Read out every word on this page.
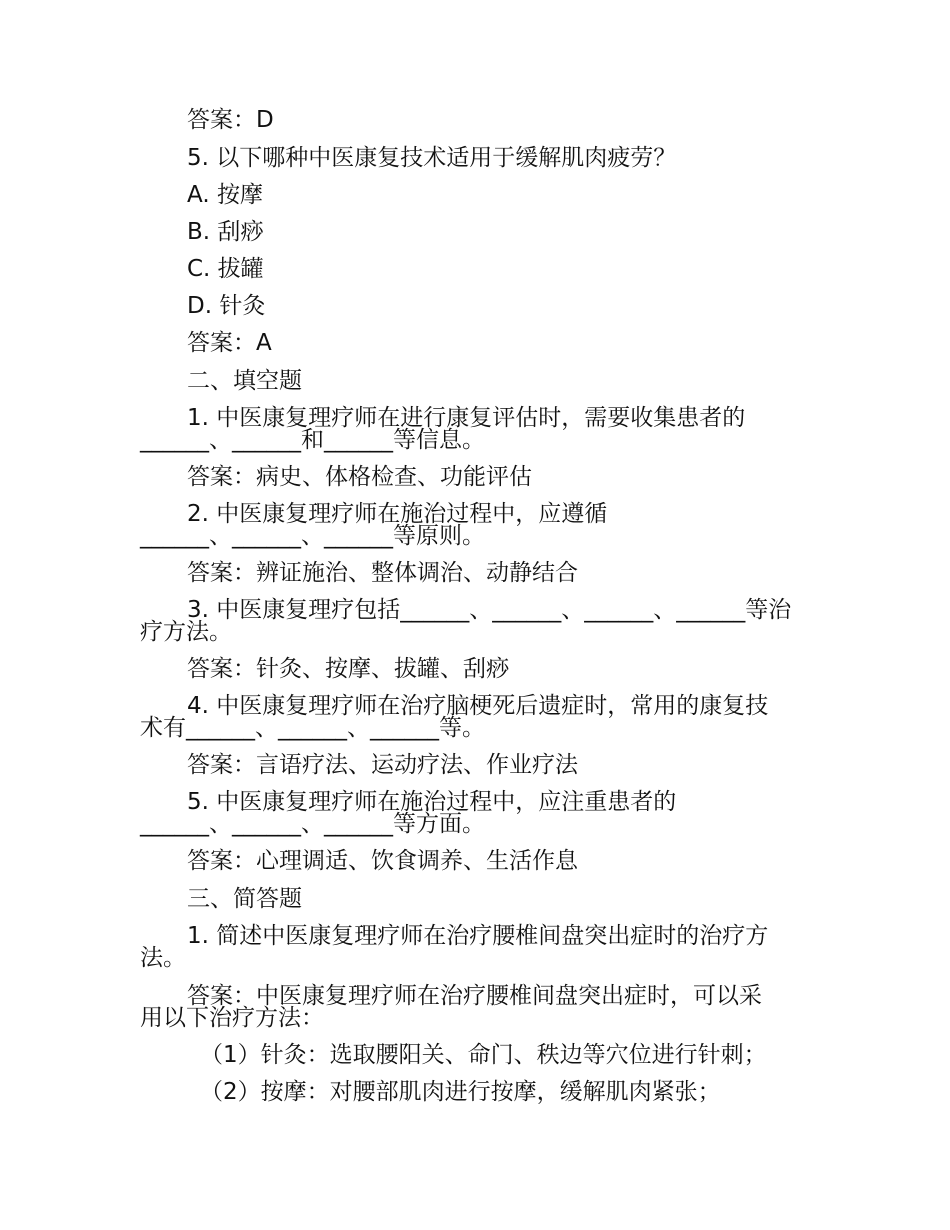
答案：D
5. 以下哪种中医康复技术适用于缓解肌肉疲劳？
A. 按摩
B. 刮痧
C. 拔罐
D. 针灸
答案：A
二、填空题
1. 中医康复理疗师在进行康复评估时，需要收集患者的
______、______和______等信息。
答案：病史、体格检查、功能评估
2. 中医康复理疗师在施治过程中，应遵循
______、______、______等原则。
答案：辨证施治、整体调治、动静结合
3. 中医康复理疗包括______、______、______、______等治
疗方法。
答案：针灸、按摩、拔罐、刮痧
4. 中医康复理疗师在治疗脑梗死后遗症时，常用的康复技
术有______、______、______等。
答案：言语疗法、运动疗法、作业疗法
5. 中医康复理疗师在施治过程中，应注重患者的
______、______、______等方面。
答案：心理调适、饮食调养、生活作息
三、简答题
1. 简述中医康复理疗师在治疗腰椎间盘突出症时的治疗方
法。
答案：中医康复理疗师在治疗腰椎间盘突出症时，可以采
用以下治疗方法：
（1）针灸：选取腰阳关、命门、秩边等穴位进行针刺；
（2）按摩：对腰部肌肉进行按摩，缓解肌肉紧张；
